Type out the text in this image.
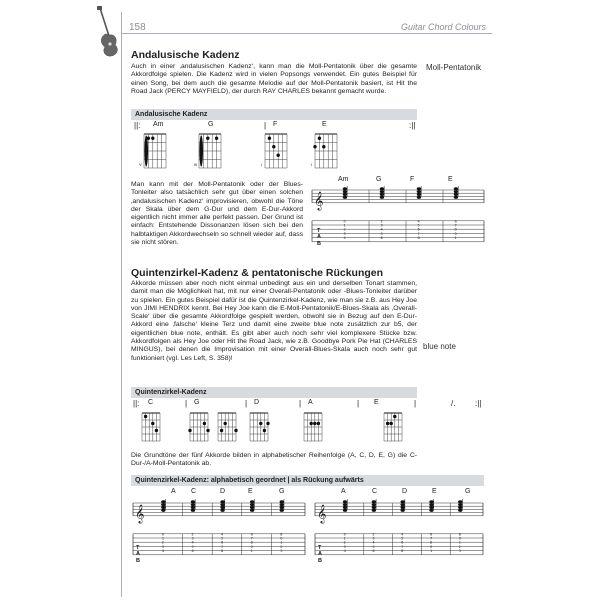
158	Guitar Chord Colours
Andalusische Kadenz
Auch in einer ‚andalusischen Kadenz‘, kann man die Moll-Pentatonik über die gesamte Akkordfolge spielen. Die Kadenz wird in vielen Popsongs verwendet. Ein gutes Beispiel für einen Song, bei dem auch die gesamte Melodie auf der Moll-Pentatonik basiert, ist Hit the Road Jack (PERCY MAYFIELD), der durch RAY CHARLES bekannt gemacht wurde.
Moll-Pentatonik
Andalusische Kadenz
||: Am	G	| F	E	:||
V	III	I	I
Man kann mit der Moll-Pentatonik oder der Blues-Tonleiter also tatsächlich sehr gut über einen solchen ‚andalusischen Kadenz‘ improvisieren, obwohl die Töne der Skala über dem G-Dur und dem E-Dur-Akkord eigentlich nicht immer alle perfekt passen. Der Grund ist einfach: Entstehende Dissonanzen lösen sich bei den halbtaktigen Akkordwechseln so schnell wieder auf, dass sie nicht stören.
Am	G	F	E
T
A
B
𝄞
0
1
2
3
4
2
3
4
5
6
4
5
6
7
8
6
7
8
0
1
Quintenzirkel-Kadenz & pentatonische Rückungen
Akkorde müssen aber noch nicht einmal unbedingt aus ein und derselben Tonart stammen, damit man die Möglichkeit hat, mit nur einer Overall-Pentatonik oder -Blues-Tonleiter darüber zu spielen. Ein gutes Beispiel dafür ist die Quintenzirkel-Kadenz, wie man sie z.B. aus Hey Joe von JIMI HENDRIX kennt. Bei Hey Joe kann die E-Moll-Pentatonik/E-Blues-Skala als ‚Overall-Scale‘ über die gesamte Akkordfolge gespielt werden, obwohl sie in Bezug auf den E-Dur-Akkord eine ‚falsche‘ kleine Terz und damit eine zweite blue note zusätzlich zur b5, der eigentlichen blue note, enthält. Es gibt aber auch noch sehr viel komplexere Stücke bzw. Akkordfolgen als Hey Joe oder Hit the Road Jack, wie z.B. Goodbye Pork Pie Hat (CHARLES MINGUS), bei denen die Improvisation mit einer Overall-Blues-Skala auch noch sehr gut funktioniert (vgl. Les Left, S. 358)!
blue note
Quintenzirkel-Kadenz
||: C	| G	| D	| A	| E	|	/. :||
Die Grundtöne der fünf Akkorde bilden in alphabetischer Reihenfolge (A, C, D, E, G) die C-Dur-/A-Moll-Pentatonik ab.
Quintenzirkel-Kadenz: alphabetisch geordnet | als Rückung aufwärts
A C	D	E	G
T
A
B
𝄞
0
1
2
3
4
2
3
4
5
6
4
5
6
7
8
6
7
8
0
1
8
0
1
2
3
A	C	D	E	G
T
A
B
𝄞
0
1
2
3
4
2
3
4
5
6
4
5
6
7
8
6
7
8
0
1
8
0
1
2
3
